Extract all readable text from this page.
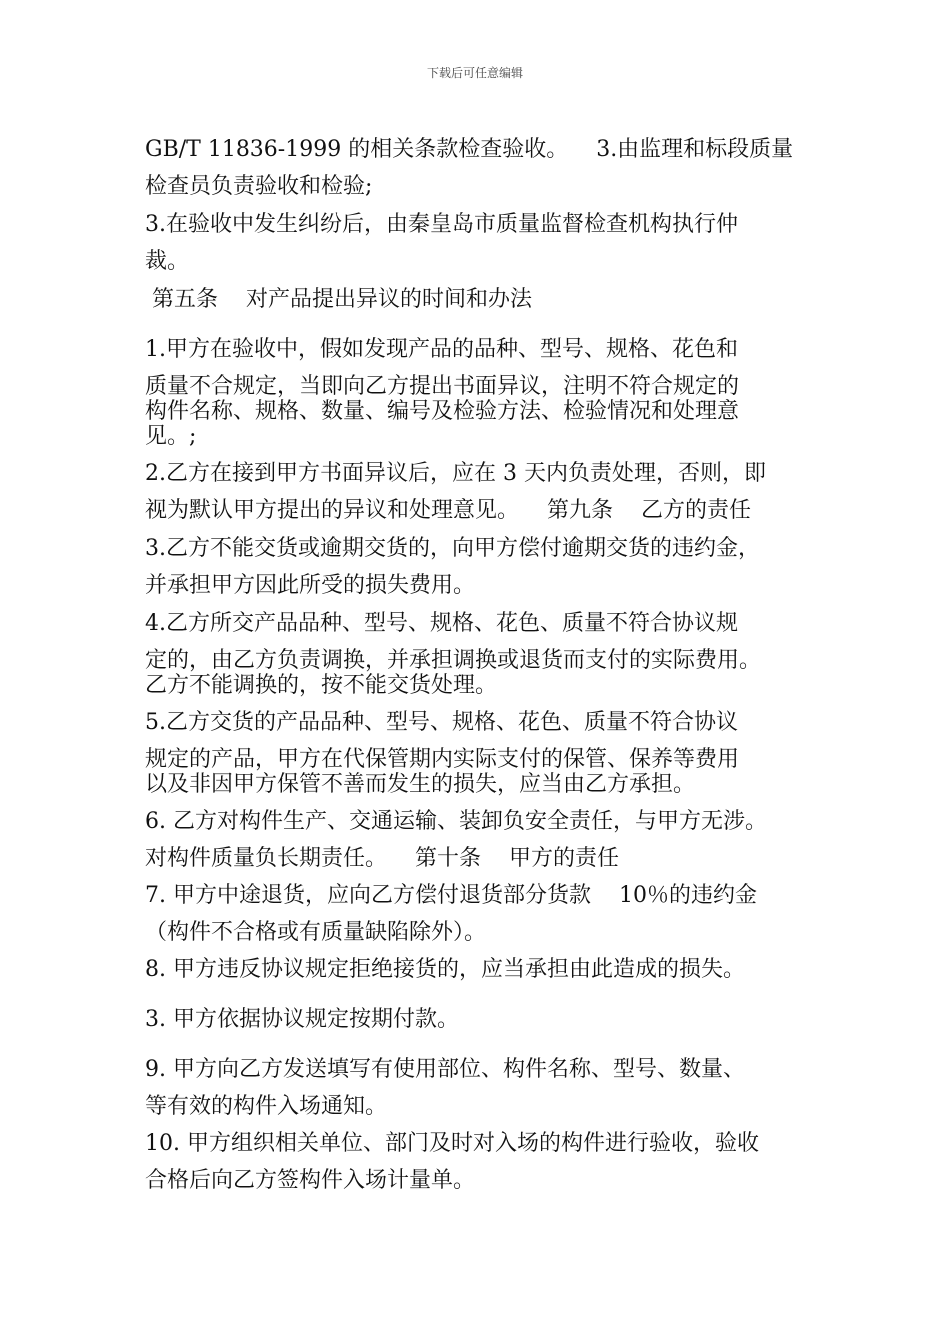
下载后可任意编辑
GB/T 11836-1999 的相关条款检查验收。    3.由监理和标段质量
检查员负责验收和检验;
3.在验收中发生纠纷后，由秦皇岛市质量监督检查机构执行仲
裁。
第五条    对产品提出异议的时间和办法
1.甲方在验收中，假如发现产品的品种、型号、规格、花色和
质量不合规定，当即向乙方提出书面异议，注明不符合规定的
构件名称、规格、数量、编号及检验方法、检验情况和处理意
见。;
2.乙方在接到甲方书面异议后，应在 3 天内负责处理，否则，即
视为默认甲方提出的异议和处理意见。    第九条    乙方的责任
3.乙方不能交货或逾期交货的，向甲方偿付逾期交货的违约金，
并承担甲方因此所受的损失费用。
4.乙方所交产品品种、型号、规格、花色、质量不符合协议规
定的，由乙方负责调换，并承担调换或退货而支付的实际费用。
乙方不能调换的，按不能交货处理。
5.乙方交货的产品品种、型号、规格、花色、质量不符合协议
规定的产品，甲方在代保管期内实际支付的保管、保养等费用
以及非因甲方保管不善而发生的损失，应当由乙方承担。
6. 乙方对构件生产、交通运输、装卸负安全责任，与甲方无涉。
对构件质量负长期责任。    第十条    甲方的责任
7. 甲方中途退货，应向乙方偿付退货部分货款    10％的违约金
（构件不合格或有质量缺陷除外）。
8. 甲方违反协议规定拒绝接货的，应当承担由此造成的损失。
3. 甲方依据协议规定按期付款。
9. 甲方向乙方发送填写有使用部位、构件名称、型号、数量、
等有效的构件入场通知。
10. 甲方组织相关单位、部门及时对入场的构件进行验收，验收
合格后向乙方签构件入场计量单。
